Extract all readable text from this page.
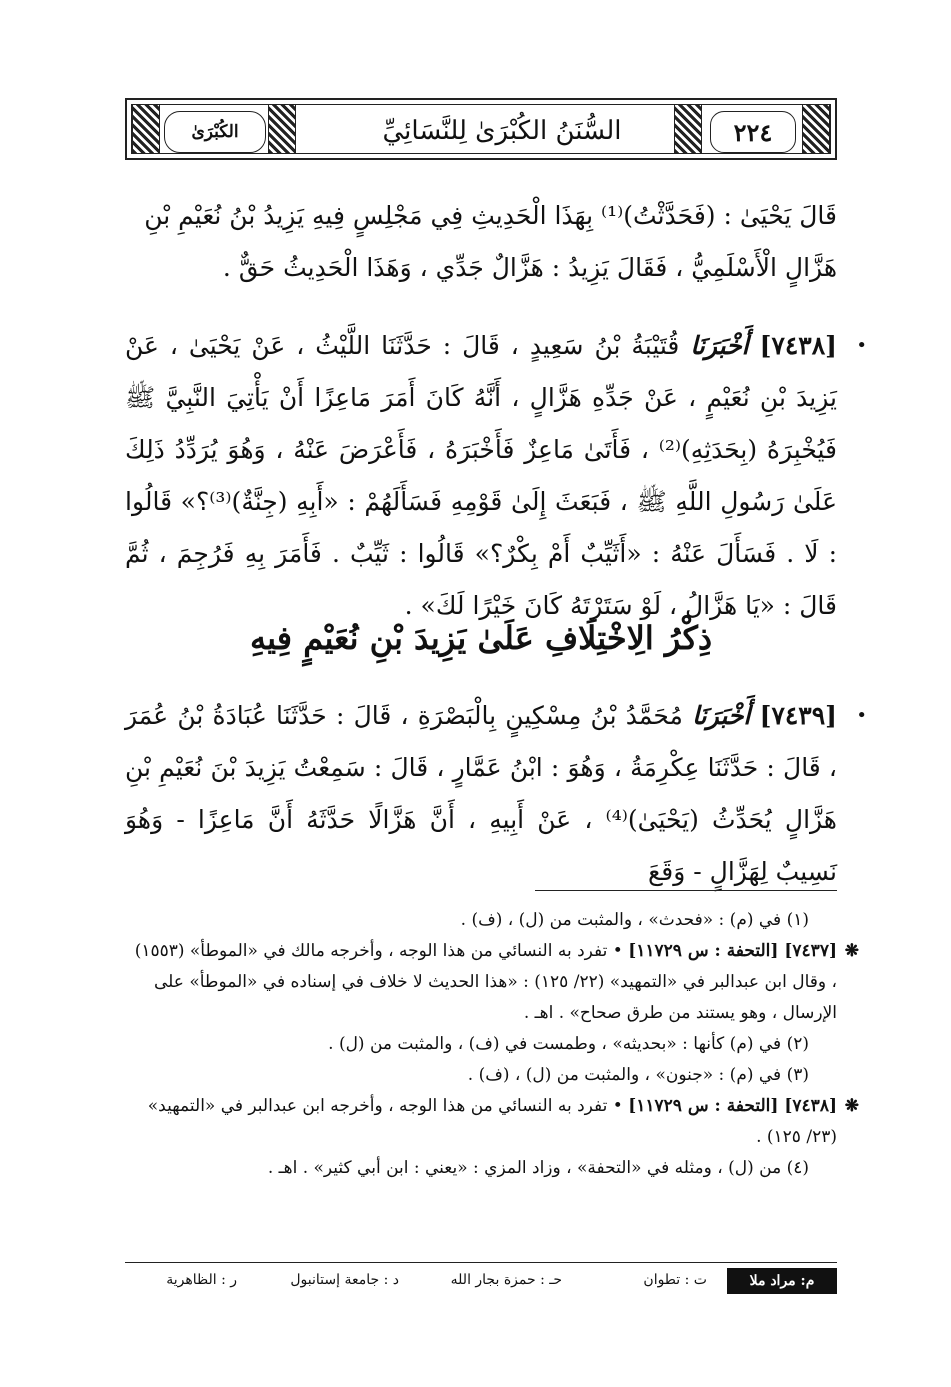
الكُبْرَىٰ	السُّنَنُ الكُبْرَىٰ لِلنَّسَائِيِّ	٢٢٤

قَالَ يَحْيَىٰ : (فَحَدَّثْتُ)⁽¹⁾ بِهَذَا الْحَدِيثِ فِي مَجْلِسٍ فِيهِ يَزِيدُ بْنُ نُعَيْمِ بْنِ

هَزَّالٍ الْأَسْلَمِيُّ ، فَقَالَ يَزِيدُ : هَزَّالٌ جَدِّي ، وَهَذَا الْحَدِيثُ حَقٌّ .

•

[٧٤٣٨] أَخْبَرَنَا قُتَيْبَةُ بْنُ سَعِيدٍ ، قَالَ : حَدَّثَنَا اللَّيْثُ ، عَنْ يَحْيَىٰ ، عَنْ يَزِيدَ بْنِ نُعَيْمٍ ، عَنْ جَدِّهِ هَزَّالٍ ، أَنَّهُ كَانَ أَمَرَ مَاعِزًا أَنْ يَأْتِيَ النَّبِيَّ ﷺ فَيُخْبِرَهُ (بِحَدَثِهِ)⁽²⁾ ، فَأَتَىٰ مَاعِزٌ فَأَخْبَرَهُ ، فَأَعْرَضَ عَنْهُ ، وَهُوَ يُرَدِّدُ ذَلِكَ عَلَىٰ رَسُولِ اللَّهِ ﷺ ، فَبَعَثَ إِلَىٰ قَوْمِهِ فَسَأَلَهُمْ : «أَبِهِ (جِنَّةٌ)⁽³⁾؟» قَالُوا : لَا . فَسَأَلَ عَنْهُ : «أَثَيِّبٌ أَمْ بِكْرٌ؟» قَالُوا : ثَيِّبٌ . فَأَمَرَ بِهِ فَرُجِمَ ، ثُمَّ قَالَ : «يَا هَزَّالُ ، لَوْ سَتَرْتَهُ كَانَ خَيْرًا لَكَ» .

ذِكْرُ الِاخْتِلَافِ عَلَىٰ يَزِيدَ بْنِ نُعَيْمٍ فِيهِ
•

[٧٤٣٩] أَخْبَرَنَا مُحَمَّدُ بْنُ مِسْكِينٍ بِالْبَصْرَةِ ، قَالَ : حَدَّثَنَا عُبَادَةُ بْنُ عُمَرَ ، قَالَ : حَدَّثَنَا عِكْرِمَةُ ، وَهُوَ : ابْنُ عَمَّارٍ ، قَالَ : سَمِعْتُ يَزِيدَ بْنَ نُعَيْمِ بْنِ هَزَّالٍ يُحَدِّثُ (يَحْيَىٰ)⁽⁴⁾ ، عَنْ أَبِيهِ ، أَنَّ هَزَّالًا حَدَّثَهُ أَنَّ مَاعِزًا - وَهُوَ نَسِيبٌ لِهَزَّالٍ - وَقَعَ

(١) في (م) : «فحدث» ، والمثبت من (ل) ، (ف) .
❋
[٧٤٣٧] [التحفة : س ١١٧٢٩] • تفرد به النسائي من هذا الوجه ، وأخرجه مالك في «الموطأ» (١٥٥٣) ، وقال ابن عبدالبر في «التمهيد» (٢٢/ ١٢٥) : «هذا الحديث لا خلاف في إسناده في «الموطأ» على الإرسال ، وهو يستند من طرق صحاح» . اهـ .
(٢) في (م) كأنها : «بحديثه» ، وطمست في (ف) ، والمثبت من (ل) .
(٣) في (م) : «جنون» ، والمثبت من (ل) ، (ف) .
❋
[٧٤٣٨] [التحفة : س ١١٧٢٩] • تفرد به النسائي من هذا الوجه ، وأخرجه ابن عبدالبر في «التمهيد» (٢٣/ ١٢٥) .
(٤) من (ل) ، ومثله في «التحفة» ، وزاد المزي : «يعني : ابن أبي كثير» . اهـ .
م: مراد ملا
ت : تطوان
حـ : حمزة بجار الله
د : جامعة إستانبول
ر : الظاهرية
